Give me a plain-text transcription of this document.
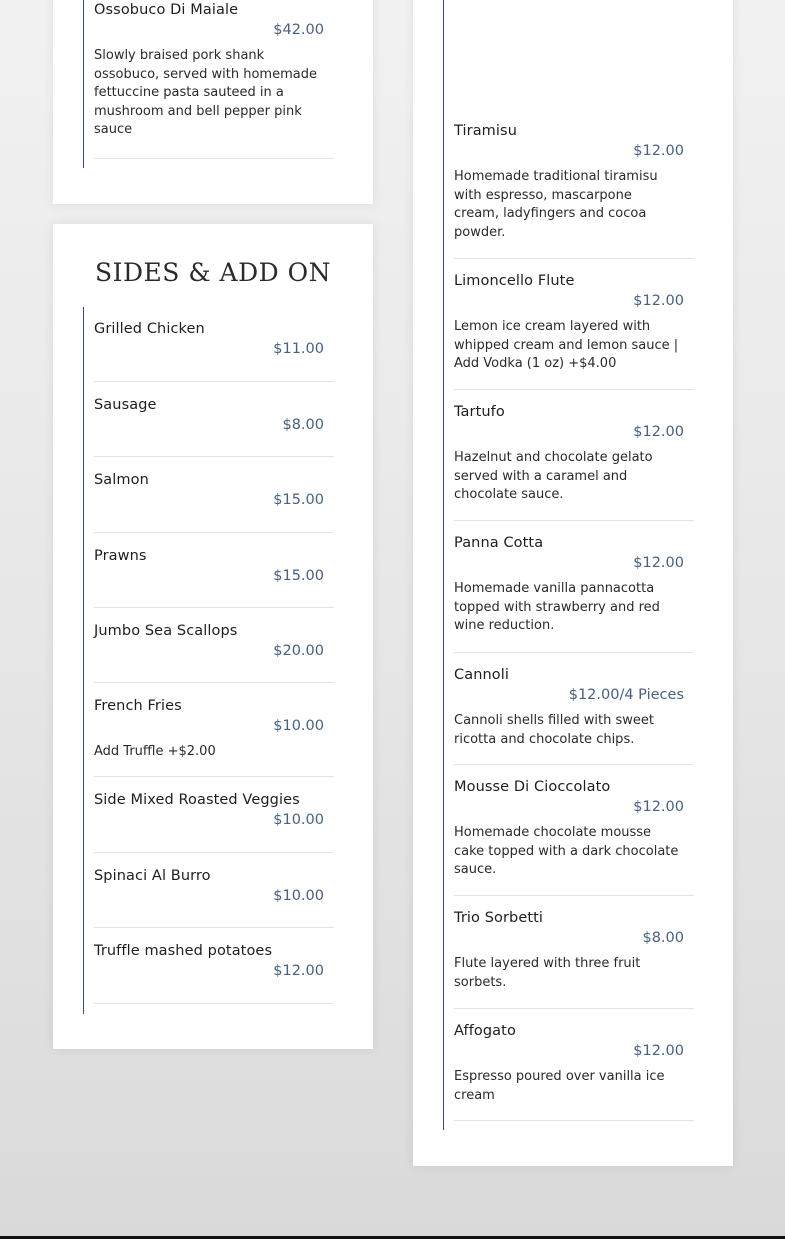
Ossobuco Di Maiale
$42.00
Slowly braised pork shank ossobuco, served with homemade fettuccine pasta sauteed in a mushroom and bell pepper pink sauce
SIDES & ADD ON
Grilled Chicken
$11.00
Sausage
$8.00
Salmon
$15.00
Prawns
$15.00
Jumbo Sea Scallops
$20.00
French Fries
$10.00
Add Truffle +$2.00
Side Mixed Roasted Veggies
$10.00
Spinaci Al Burro
$10.00
Truffle mashed potatoes
$12.00
Tiramisu
$12.00
Homemade traditional tiramisu with espresso, mascarpone cream, ladyfingers and cocoa powder.
Limoncello Flute
$12.00
Lemon ice cream layered with whipped cream and lemon sauce | Add Vodka (1 oz) +$4.00
Tartufo
$12.00
Hazelnut and chocolate gelato served with a caramel and chocolate sauce.
Panna Cotta
$12.00
Homemade vanilla pannacotta topped with strawberry and red wine reduction.
Cannoli
$12.00/4 Pieces
Cannoli shells filled with sweet ricotta and chocolate chips.
Mousse Di Cioccolato
$12.00
Homemade chocolate mousse cake topped with a dark chocolate sauce.
Trio Sorbetti
$8.00
Flute layered with three fruit sorbets.
Affogato
$12.00
Espresso poured over vanilla ice cream
